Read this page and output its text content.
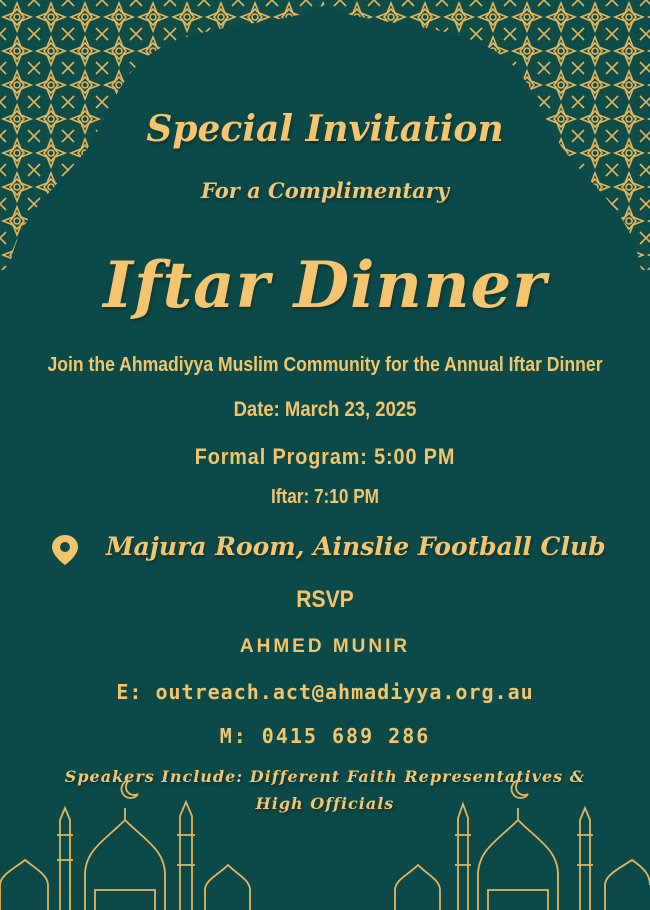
Special Invitation
For a Complimentary
Iftar Dinner
Join the Ahmadiyya Muslim Community for the Annual Iftar Dinner
Date: March 23, 2025
Formal Program: 5:00 PM
Iftar: 7:10 PM
Majura Room, Ainslie Football Club
RSVP
AHMED MUNIR
E: outreach.act@ahmadiyya.org.au
M: 0415 689 286
Speakers Include: Different Faith Representatives &
High Officials
